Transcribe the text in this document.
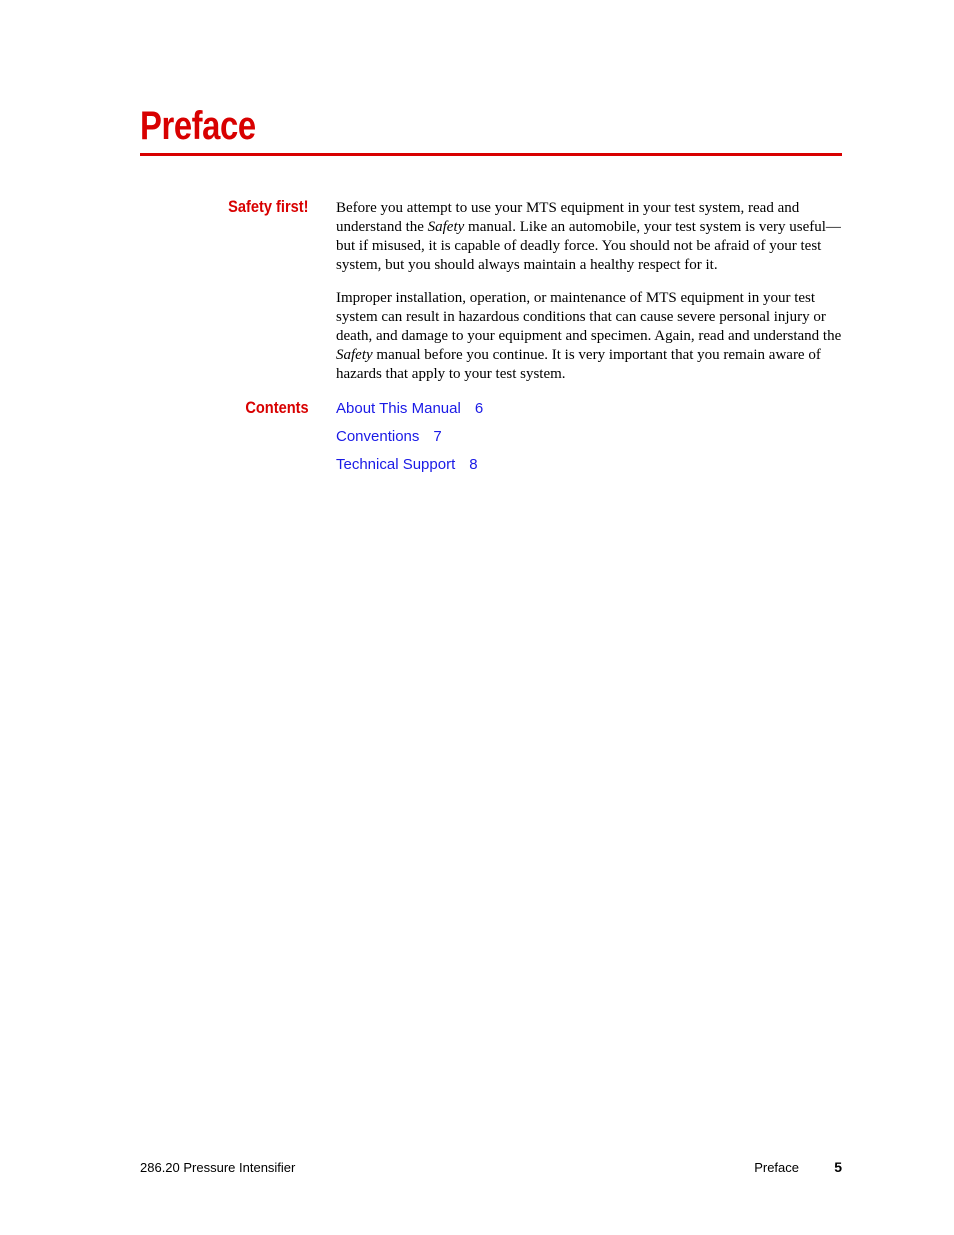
Preface
Safety first! Before you attempt to use your MTS equipment in your test system, read and understand the Safety manual. Like an automobile, your test system is very useful—but if misused, it is capable of deadly force. You should not be afraid of your test system, but you should always maintain a healthy respect for it.

Improper installation, operation, or maintenance of MTS equipment in your test system can result in hazardous conditions that can cause severe personal injury or death, and damage to your equipment and specimen. Again, read and understand the Safety manual before you continue. It is very important that you remain aware of hazards that apply to your test system.

Contents About This Manual 6
Conventions 7
Technical Support 8
286.20 Pressure Intensifier	Preface	5
